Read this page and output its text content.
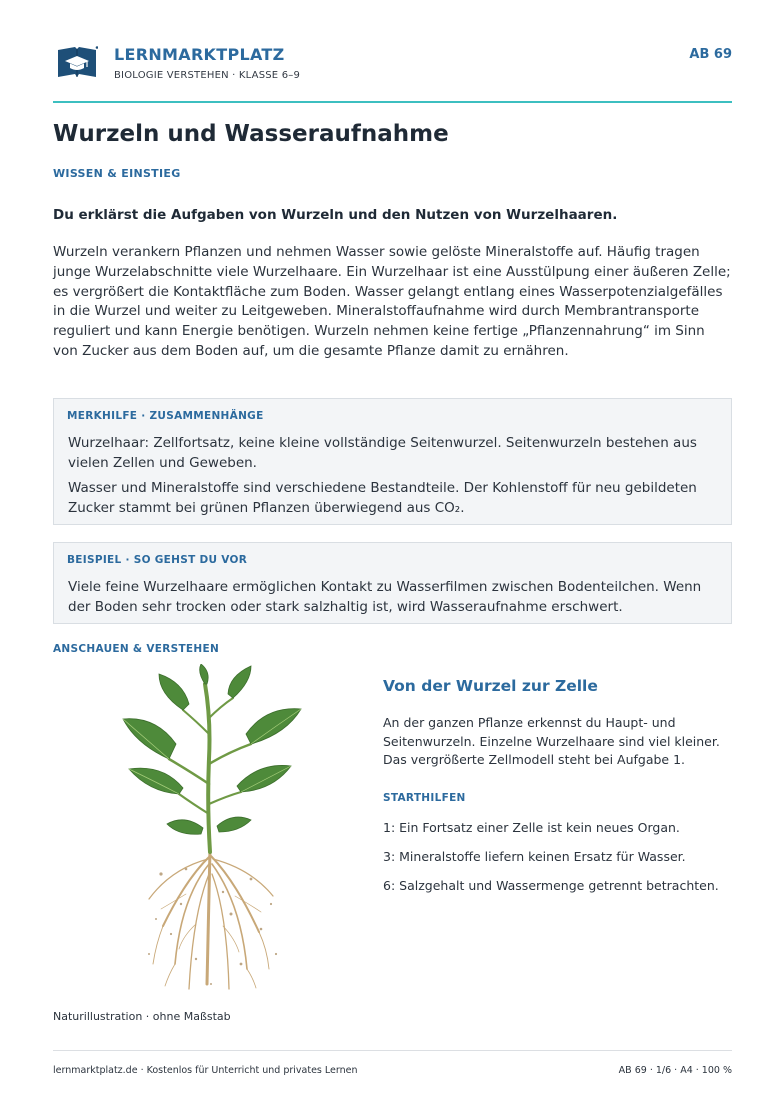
LERNMARKTPLATZ
BIOLOGIE VERSTEHEN · KLASSE 6–9
AB 69
Wurzeln und Wasseraufnahme
WISSEN & EINSTIEG
Du erklärst die Aufgaben von Wurzeln und den Nutzen von Wurzelhaaren.

Wurzeln verankern Pflanzen und nehmen Wasser sowie gelöste Mineralstoffe auf. Häufig tragen junge Wurzelabschnitte viele Wurzelhaare. Ein Wurzelhaar ist eine Ausstülpung einer äußeren Zelle; es vergrößert die Kontaktfläche zum Boden. Wasser gelangt entlang eines Wasserpotenzialgefälles in die Wurzel und weiter zu Leitgeweben. Mineralstoffaufnahme wird durch Membrantransporte reguliert und kann Energie benötigen. Wurzeln nehmen keine fertige „Pflanzennahrung“ im Sinn von Zucker aus dem Boden auf, um die gesamte Pflanze damit zu ernähren.

MERKHILFE · ZUSAMMENHÄNGE

Wurzelhaar: Zellfortsatz, keine kleine vollständige Seitenwurzel. Seitenwurzeln bestehen aus vielen Zellen und Geweben.

Wasser und Mineralstoffe sind verschiedene Bestandteile. Der Kohlenstoff für neu gebildeten Zucker stammt bei grünen Pflanzen überwiegend aus CO₂.

BEISPIEL · SO GEHST DU VOR

Viele feine Wurzelhaare ermöglichen Kontakt zu Wasserfilmen zwischen Bodenteilchen. Wenn der Boden sehr trocken oder stark salzhaltig ist, wird Wasseraufnahme erschwert.

ANSCHAUEN & VERSTEHEN
Naturillustration · ohne Maßstab
Von der Wurzel zur Zelle

An der ganzen Pflanze erkennst du Haupt- und Seitenwurzeln. Einzelne Wurzelhaare sind viel kleiner. Das vergrößerte Zellmodell steht bei Aufgabe 1.

STARTHILFEN
1: Ein Fortsatz einer Zelle ist kein neues Organ.
3: Mineralstoffe liefern keinen Ersatz für Wasser.
6: Salzgehalt und Wassermenge getrennt betrachten.
lernmarktplatz.de · Kostenlos für Unterricht und privates Lernen	AB 69 · 1/6 · A4 · 100 %
